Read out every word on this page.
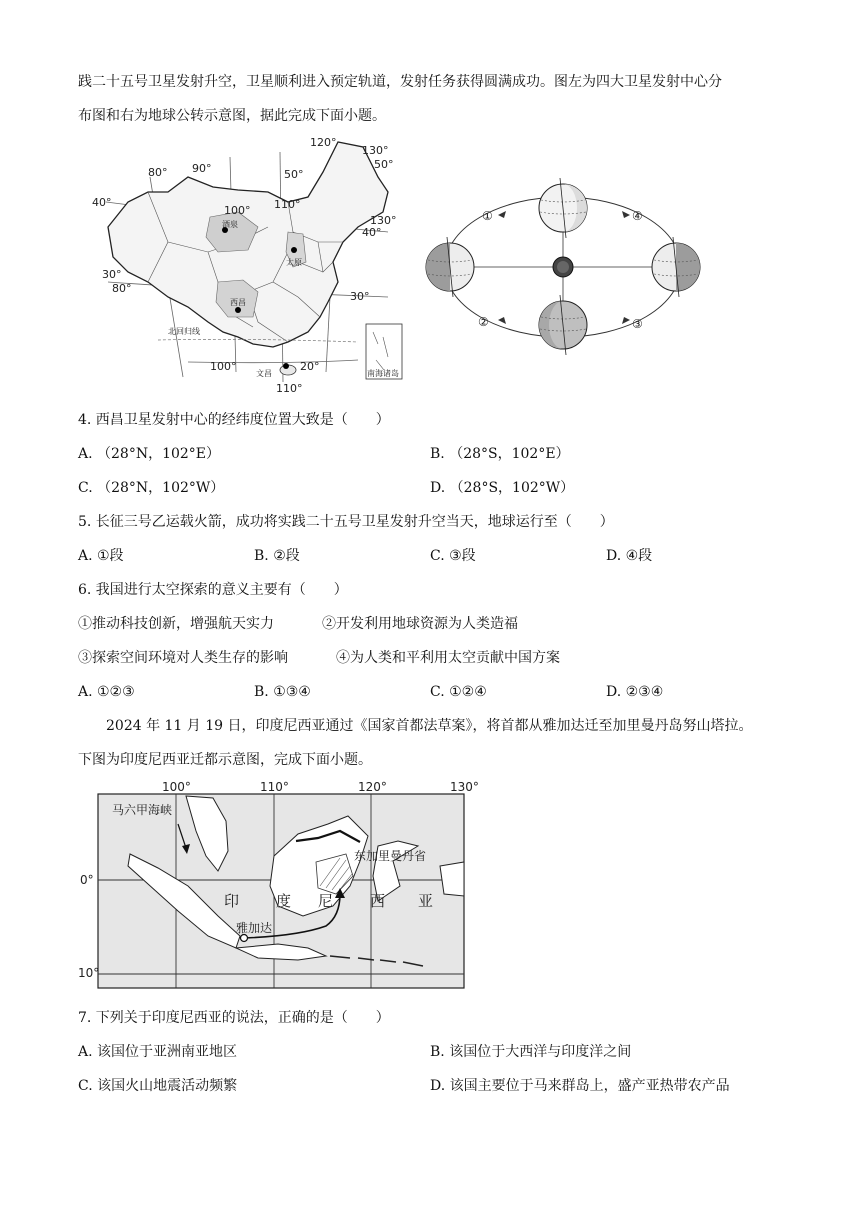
践二十五号卫星发射升空，卫星顺利进入预定轨道，发射任务获得圆满成功。图左为四大卫星发射中心分
布图和右为地球公转示意图，据此完成下面小题。
南海诸岛
北回归线
酒泉
太原
西昌
文昌
120°
130°
50°
90°
80°	50°
100° 110°
130°
40°
40°
30°
80°
30°
100°	20°
110°
①
②	③
④
4. 西昌卫星发射中心的经纬度位置大致是（　　）
A. （28°N，102°E）	B. （28°S，102°E）
C. （28°N，102°W）	D. （28°S，102°W）
5. 长征三号乙运载火箭，成功将实践二十五号卫星发射升空当天，地球运行至（　　）
A. ①段	B. ②段	C. ③段	D. ④段
6. 我国进行太空探索的意义主要有（　　）
①推动科技创新，增强航天实力	②开发利用地球资源为人类造福
③探索空间环境对人类生存的影响	④为人类和平利用太空贡献中国方案
A. ①②③	B. ①③④	C. ①②④	D. ②③④
2024 年 11 月 19 日，印度尼西亚通过《国家首都法草案》，将首都从雅加达迁至加里曼丹岛努山塔拉。
下图为印度尼西亚迁都示意图，完成下面小题。
100°	110°	120°	130°
0°
10°
马六甲海峡
东加里曼丹省
雅加达
印 度 尼 西 亚
7. 下列关于印度尼西亚的说法，正确的是（　　）
A. 该国位于亚洲南亚地区	B. 该国位于大西洋与印度洋之间
C. 该国火山地震活动频繁	D. 该国主要位于马来群岛上，盛产亚热带农产品
